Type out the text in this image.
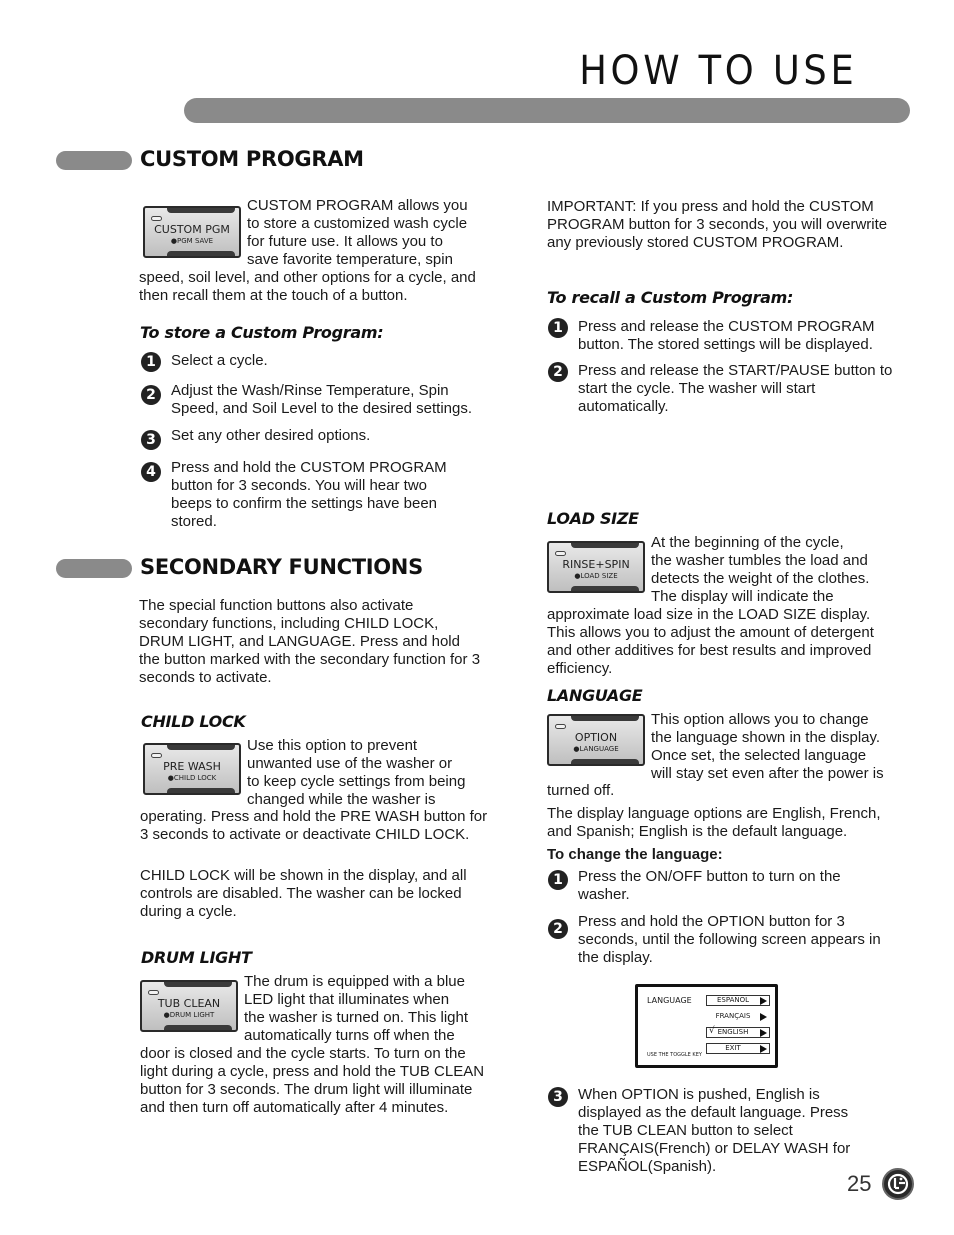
HOW TO USE
CUSTOM PROGRAM
CUSTOM PGM
●PGM SAVE
CUSTOM PROGRAM allows you
to store a customized wash cycle
for future use. It allows you to
save favorite temperature, spin
speed, soil level, and other options for a cycle, and then recall them at the touch of a button.
To store a Custom Program:
1	Select a cycle.
2	Adjust the Wash/Rinse Temperature, Spin Speed, and Soil Level to the desired settings.
3	Set any other desired options.
4	Press and hold the CUSTOM PROGRAM button for 3 seconds. You will hear two beeps to confirm the settings have been stored.
IMPORTANT: If you press and hold the CUSTOM PROGRAM button for 3 seconds, you will overwrite any previously stored CUSTOM PROGRAM.
To recall a Custom Program:
1	Press and release the CUSTOM PROGRAM button. The stored settings will be displayed.
2	Press and release the START/PAUSE button to start the cycle. The washer will start automatically.
SECONDARY FUNCTIONS
The special function buttons also activate secondary functions, including CHILD LOCK, DRUM LIGHT, and LANGUAGE. Press and hold the button marked with the secondary function for 3 seconds to activate.
CHILD LOCK
PRE WASH
●CHILD LOCK
Use this option to prevent
unwanted use of the washer or
to keep cycle settings from being
changed while the washer is
operating. Press and hold the PRE WASH button for 3 seconds to activate or deactivate CHILD LOCK.
CHILD LOCK will be shown in the display, and all controls are disabled. The washer can be locked during a cycle.
DRUM LIGHT
TUB CLEAN
●DRUM LIGHT
The drum is equipped with a blue
LED light that illuminates when
the washer is turned on. This light
automatically turns off when the
door is closed and the cycle starts. To turn on the light during a cycle, press and hold the TUB CLEAN button for 3 seconds. The drum light will illuminate and then turn off automatically after 4 minutes.
LOAD SIZE
RINSE+SPIN
●LOAD SIZE
At the beginning of the cycle,
the washer tumbles the load and
detects the weight of the clothes.
The display will indicate the
approximate load size in the LOAD SIZE display. This allows you to adjust the amount of detergent and other additives for best results and improved efficiency.
LANGUAGE
OPTION
●LANGUAGE
This option allows you to change
the language shown in the display.
Once set, the selected language
will stay set even after the power is
turned off.
The display language options are English, French, and Spanish; English is the default language.
To change the language:
1	Press the ON/OFF button to turn on the washer.
2	Press and hold the OPTION button for 3 seconds, until the following screen appears in the display.
LANGUAGE	ESPAÑOL
FRANÇAIS
√ ENGLISH
EXIT
USE THE TOGGLE KEY
3	When OPTION is pushed, English is displayed as the default language. Press the TUB CLEAN button to select FRANÇAIS(French) or DELAY WASH for ESPAÑOL(Spanish).
25
